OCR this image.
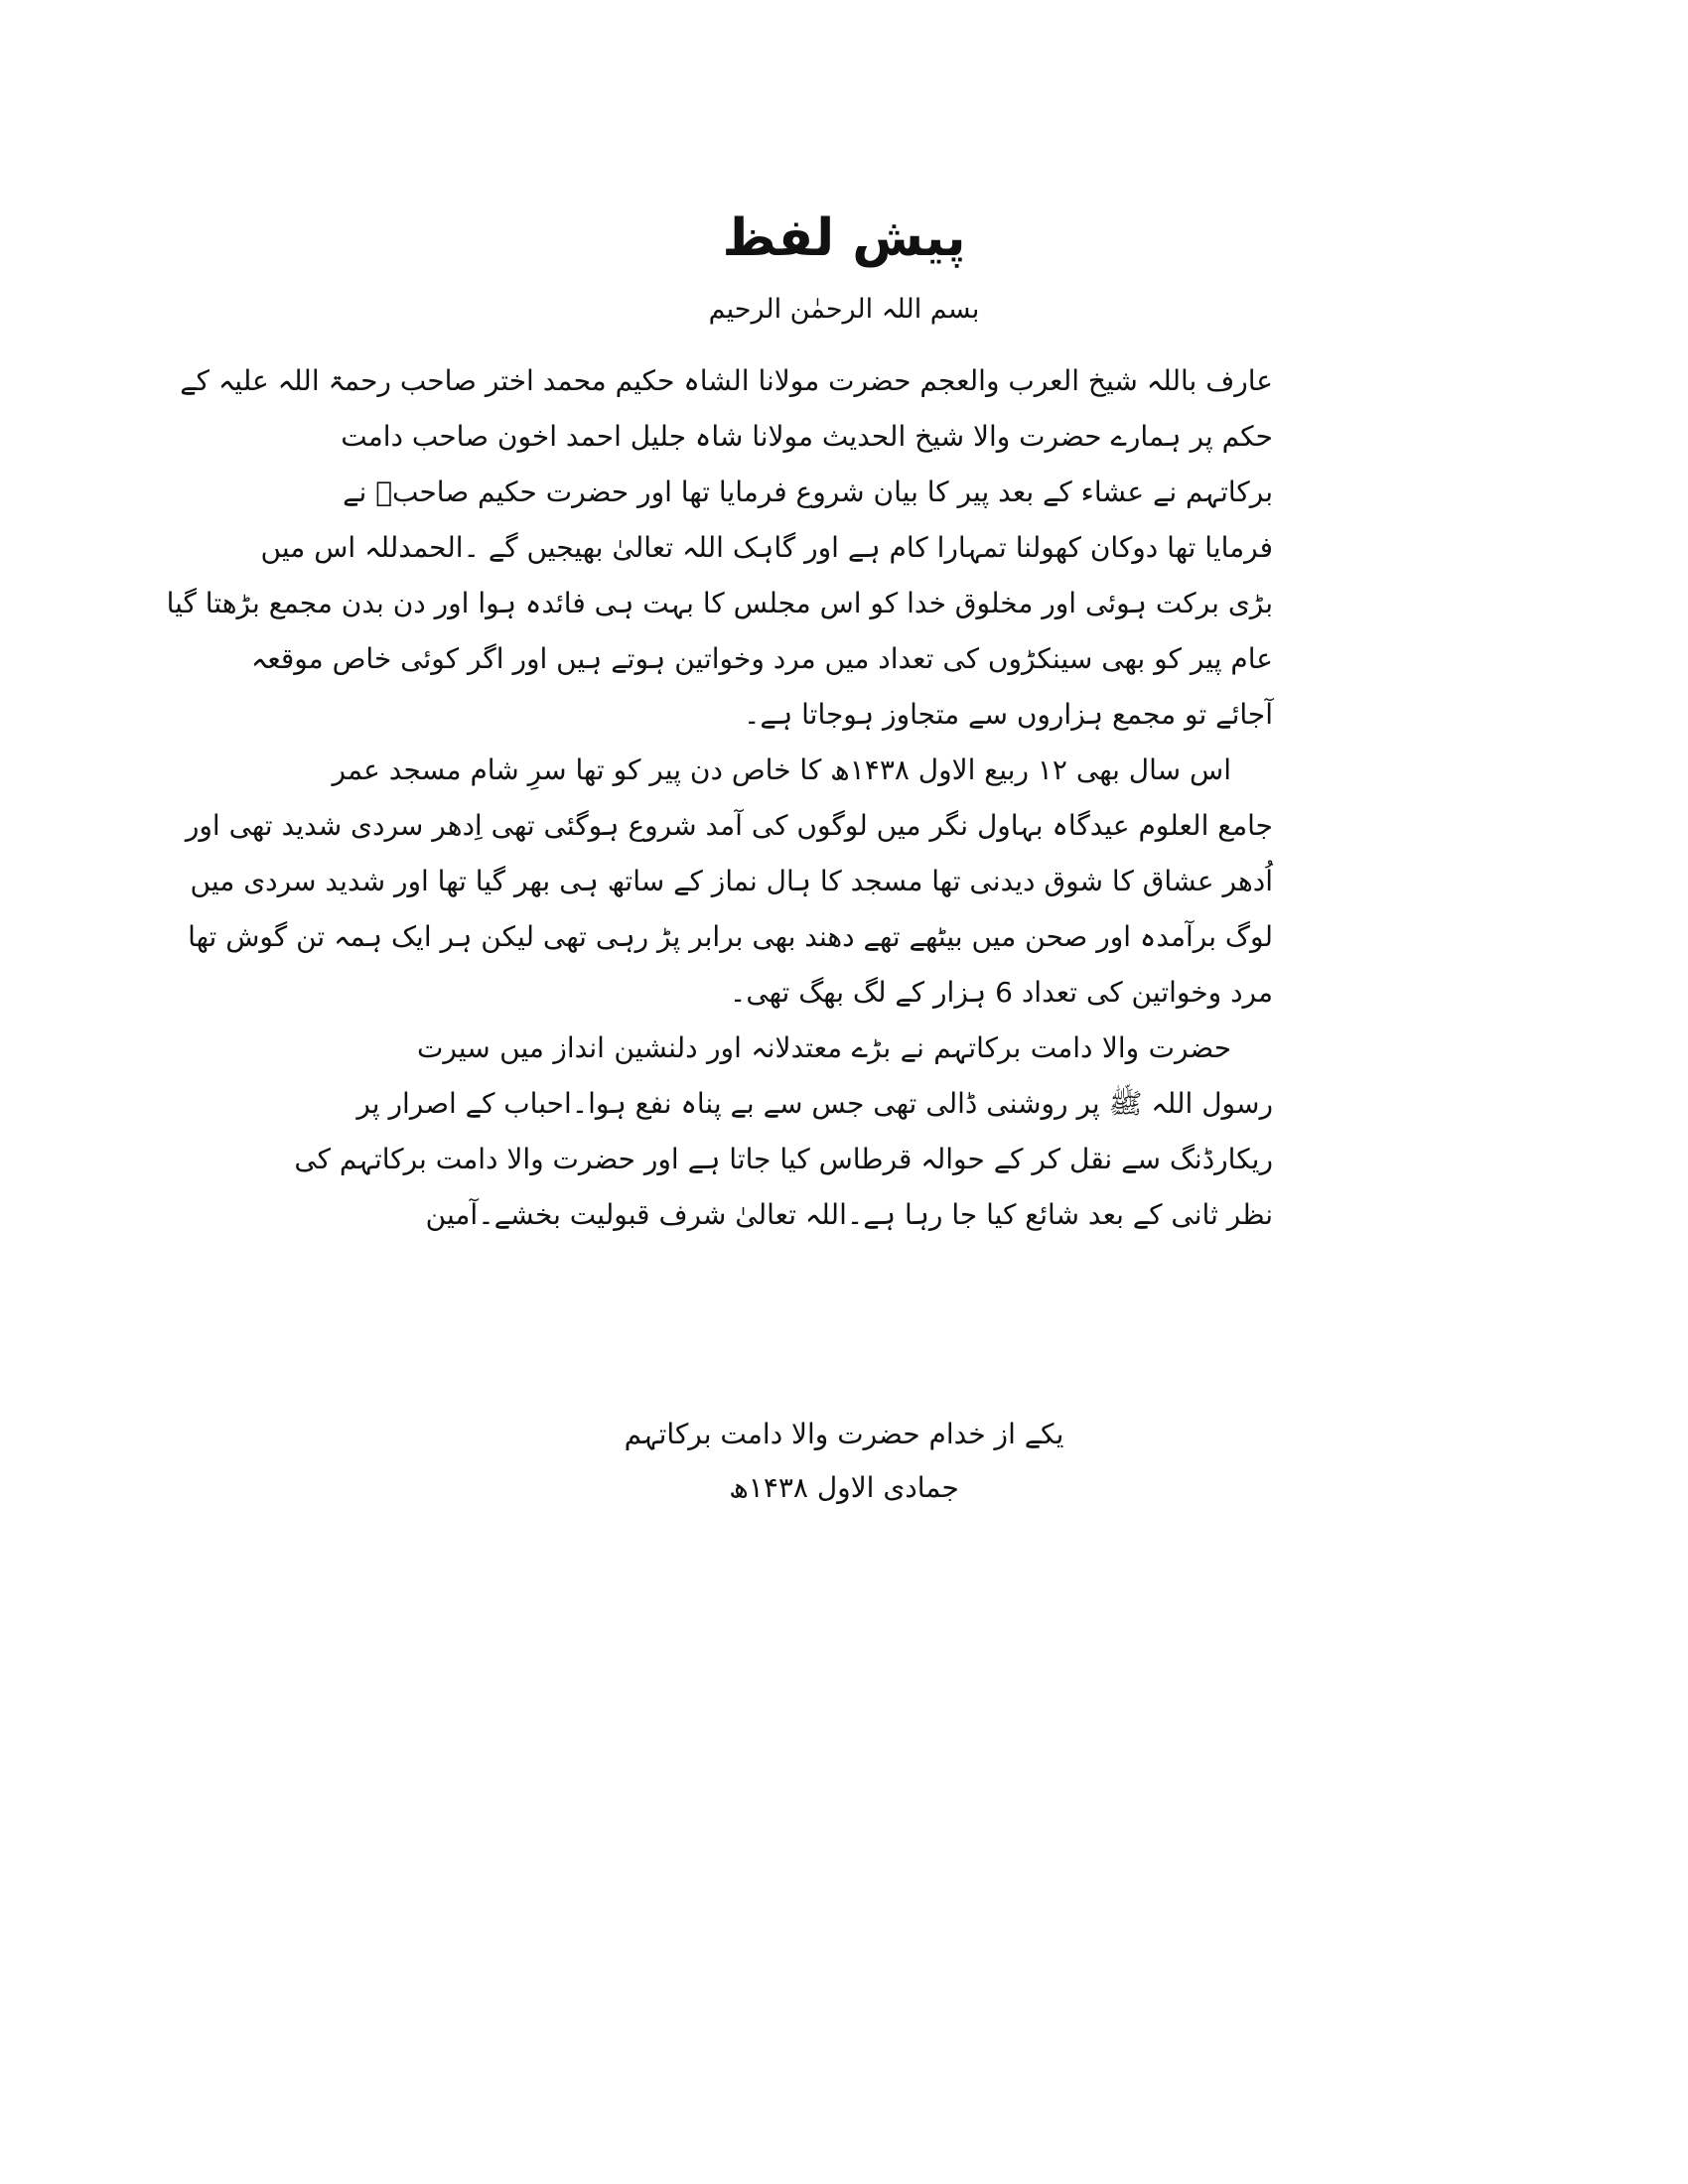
پیش لفظ
بسم اللہ الرحمٰن الرحیم
عارف باللہ شیخ العرب والعجم حضرت مولانا الشاہ حکیم محمد اختر صاحب رحمۃ اللہ علیہ کے
حکم پر ہمارے حضرت والا شیخ الحدیث مولانا شاہ جلیل احمد اخون صاحب دامت
برکاتہم نے عشاء کے بعد پیر کا بیان شروع فرمایا تھا اور حضرت حکیم صاحبؒ نے
فرمایا تھا دوکان کھولنا تمہارا کام ہے اور گاہک اللہ تعالیٰ بھیجیں گے ۔الحمدللہ اس میں
بڑی برکت ہوئی اور مخلوق خدا کو اس مجلس کا بہت ہی فائدہ ہوا اور دن بدن مجمع بڑھتا گیا
عام پیر کو بھی سینکڑوں کی تعداد میں مرد وخواتین ہوتے ہیں اور اگر کوئی خاص موقعہ
آجائے تو مجمع ہزاروں سے متجاوز ہوجاتا ہے۔
اس سال بھی ۱۲ ربیع الاول ۱۴۳۸ھ کا خاص دن پیر کو تھا سرِ شام مسجد عمر
جامع العلوم عیدگاہ بہاول نگر میں لوگوں کی آمد شروع ہوگئی تھی اِدھر سردی شدید تھی اور
اُدھر عشاق کا شوق دیدنی تھا مسجد کا ہال نماز کے ساتھ ہی بھر گیا تھا اور شدید سردی میں
لوگ برآمدہ اور صحن میں بیٹھے تھے دھند بھی برابر پڑ رہی تھی لیکن ہر ایک ہمہ تن گوش تھا
مرد وخواتین کی تعداد 6 ہزار کے لگ بھگ تھی۔
حضرت والا دامت برکاتہم نے بڑے معتدلانہ اور دلنشین انداز میں سیرت
رسول اللہ ﷺ پر روشنی ڈالی تھی جس سے بے پناہ نفع ہوا۔احباب کے اصرار پر
ریکارڈنگ سے نقل کر کے حوالہ قرطاس کیا جاتا ہے اور حضرت والا دامت برکاتہم کی
نظر ثانی کے بعد شائع کیا جا رہا ہے۔اللہ تعالیٰ شرف قبولیت بخشے۔آمین
یکے از خدام حضرت والا دامت برکاتہم
جمادی الاول ۱۴۳۸ھ
